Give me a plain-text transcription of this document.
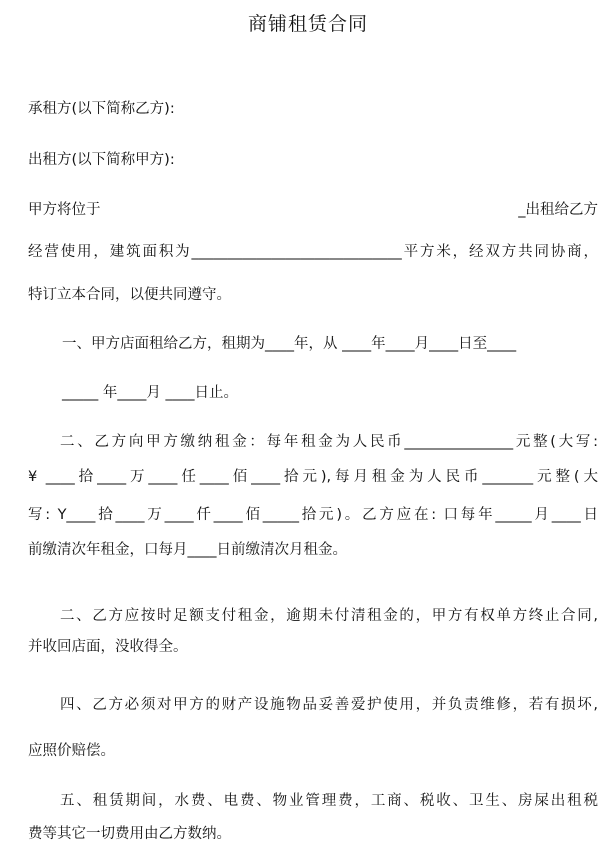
商铺租赁合同
承租方(以下简称乙方):
出租方(以下简称甲方):
甲方将位于	_出租给乙方
经营使用，建筑面积为_____________________________平方米，经双方共同协商，
特订立本合同，以便共同遵守。
一、甲方店面租给乙方，租期为____年，从 ____年____月____日至____
_____ 年____月 ____日止。
二、乙方向甲方缴纳租金：每年租金为人民币_______________元整(大写:
¥ ____拾____万____任____佰____拾元),每月租金为人民币_______元整(大
写: Y____拾____万____仟____佰_____拾元)。乙方应在: 口每年_____月____日
前缴清次年租金，口每月____日前缴清次月租金。
二、乙方应按时足额支付租金，逾期未付清租金的，甲方有权单方终止合同,
并收回店面，没收得全。
四、乙方必须对甲方的财产设施物品妥善爱护使用，并负责维修，若有损坏,
应照价赔偿。
五、租赁期间，水费、电费、物业管理费，工商、税收、卫生、房屎出租税
费等其它一切费用由乙方数纳。
